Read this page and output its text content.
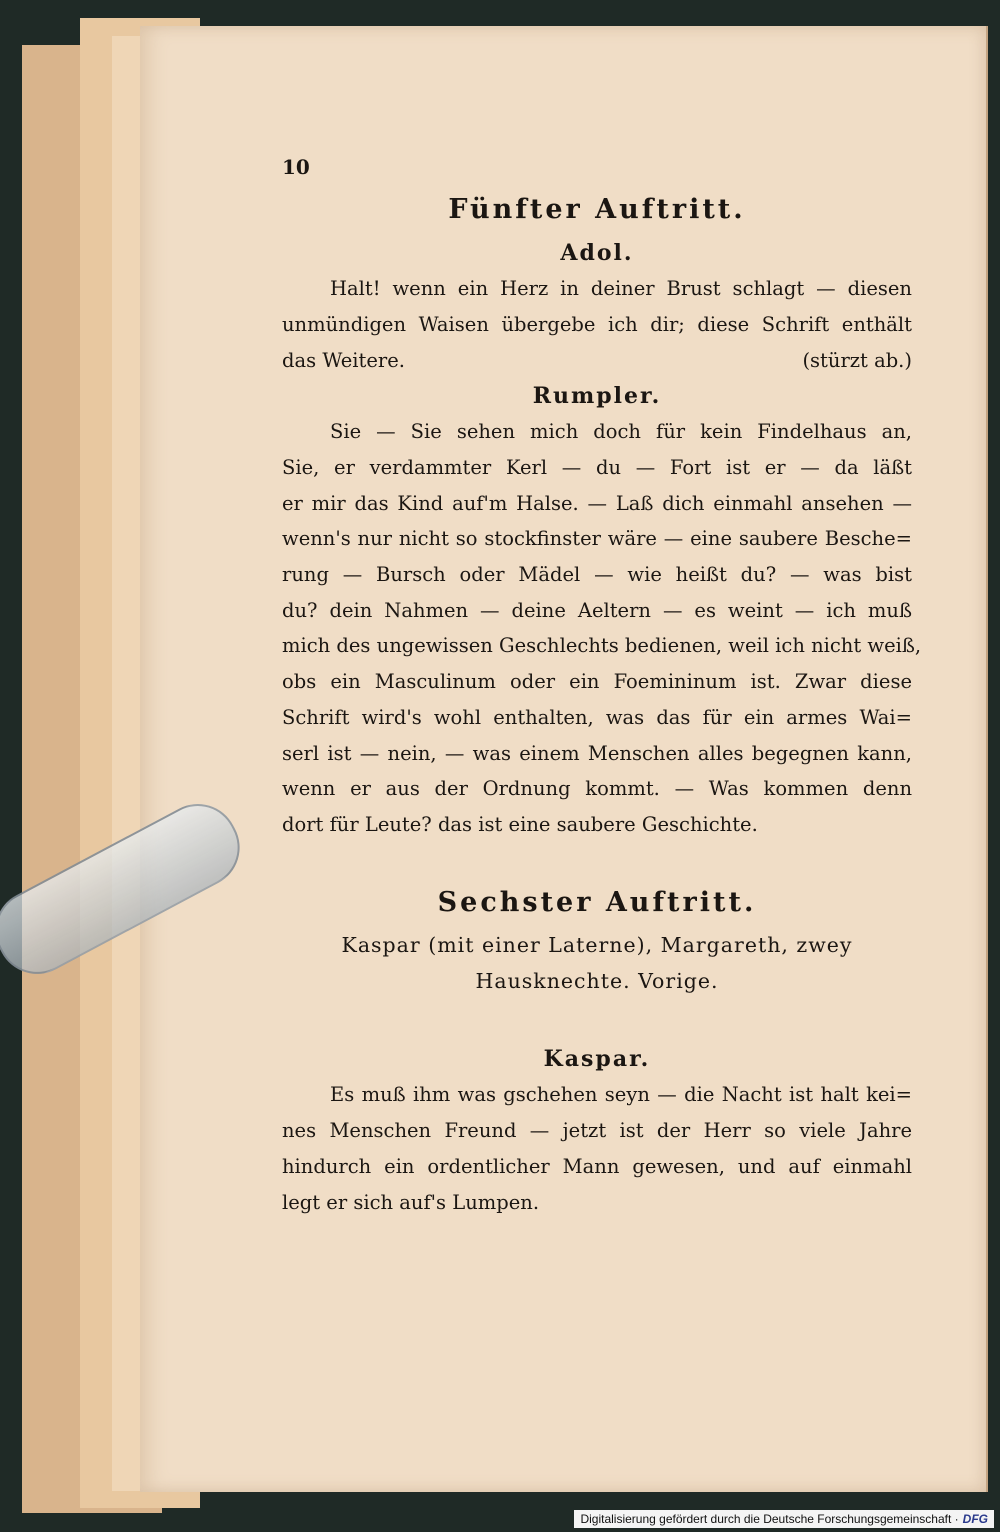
10
Fünfter Auftritt.
Adol.
Halt! wenn ein Herz in deiner Brust schlagt — diesen
unmündigen Waisen übergebe ich dir; diese Schrift enthält
das Weitere.	(stürzt ab.)
Rumpler.
Sie — Sie sehen mich doch für kein Findelhaus an,
Sie, er verdammter Kerl — du — Fort ist er — da läßt
er mir das Kind auf'm Halse. — Laß dich einmahl ansehen —
wenn's nur nicht so stockfinster wäre — eine saubere Besche=
rung — Bursch oder Mädel — wie heißt du? — was bist
du? dein Nahmen — deine Aeltern — es weint — ich muß
mich des ungewissen Geschlechts bedienen, weil ich nicht weiß,
obs ein Masculinum oder ein Foemininum ist. Zwar diese
Schrift wird's wohl enthalten, was das für ein armes Wai=
serl ist — nein, — was einem Menschen alles begegnen kann,
wenn er aus der Ordnung kommt. — Was kommen denn
dort für Leute? das ist eine saubere Geschichte.
Sechster Auftritt.
Kaspar (mit einer Laterne), Margareth, zwey
Hausknechte. Vorige.
Kaspar.
Es muß ihm was gschehen seyn — die Nacht ist halt kei=
nes Menschen Freund — jetzt ist der Herr so viele Jahre
hindurch ein ordentlicher Mann gewesen, und auf einmahl
legt er sich auf's Lumpen.
Digitalisierung gefördert durch die Deutsche Forschungsgemeinschaft · DFG
